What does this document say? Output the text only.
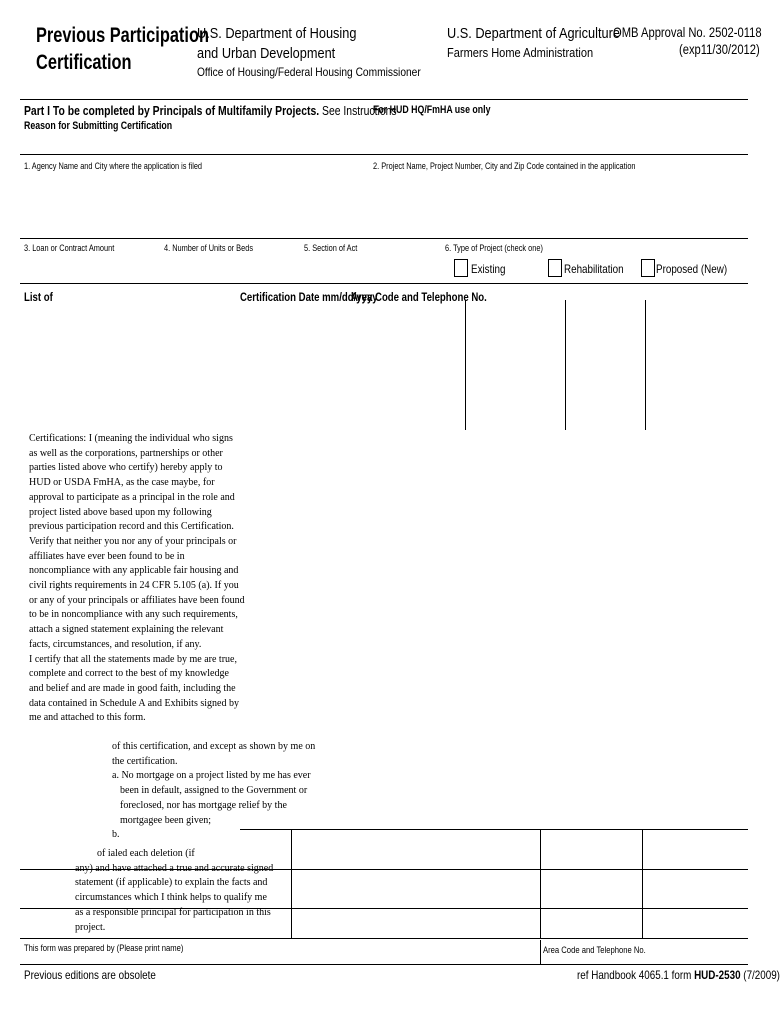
Previous Participation
Certification
U.S. Department of Housing
and Urban Development
Office of Housing/Federal Housing Commissioner
U.S. Department of Agriculture
Farmers Home Administration
OMB Approval No. 2502-0118
(exp11/30/2012)
Part I To be completed by Principals of Multifamily Projects. See Instructions
Reason for Submitting Certification
For HUD HQ/FmHA use only
1. Agency Name and City where the application is filed	2. Project Name, Project Number, City and Zip Code contained in the application
3. Loan or Contract Amount	4. Number of Units or Beds	5. Section of Act	6. Type of Project (check one)
Existing	Rehabilitation	Proposed (New)
List of	Certification Date mm/dd/yyyy
Area Code and Telephone No.
Certifications: I (meaning the individual who signs
as well as the corporations, partnerships or other
parties listed above who certify) hereby apply to
HUD or USDA FmHA, as the case maybe, for
approval to participate as a principal in the role and
project listed above based upon my following
previous participation record and this Certification.
Verify that neither you nor any of your principals or
affiliates have ever been found to be in
noncompliance with any applicable fair housing and
civil rights requirements in 24 CFR 5.105 (a). If you
or any of your principals or affiliates have been found
to be in noncompliance with any such requirements,
attach a signed statement explaining the relevant
facts, circumstances, and resolution, if any.
I certify that all the statements made by me are true,
complete and correct to the best of my knowledge
and belief and are made in good faith, including the
data contained in Schedule A and Exhibits signed by
me and attached to this form.
of this certification, and except as shown by me on
the certification.
a. No mortgage on a project listed by me has ever
been in default, assigned to the Government or
foreclosed, nor has mortgage relief by the
mortgagee been given;
b.
of ialed each deletion (if
any) and have attached a true and accurate signed
statement (if applicable) to explain the facts and
circumstances which I think helps to qualify me
as a responsible principal for participation in this
project.
This form was prepared by (Please print name)	Area Code and Telephone No.
Previous editions are obsolete	ref Handbook 4065.1 form HUD-2530 (7/2009)
